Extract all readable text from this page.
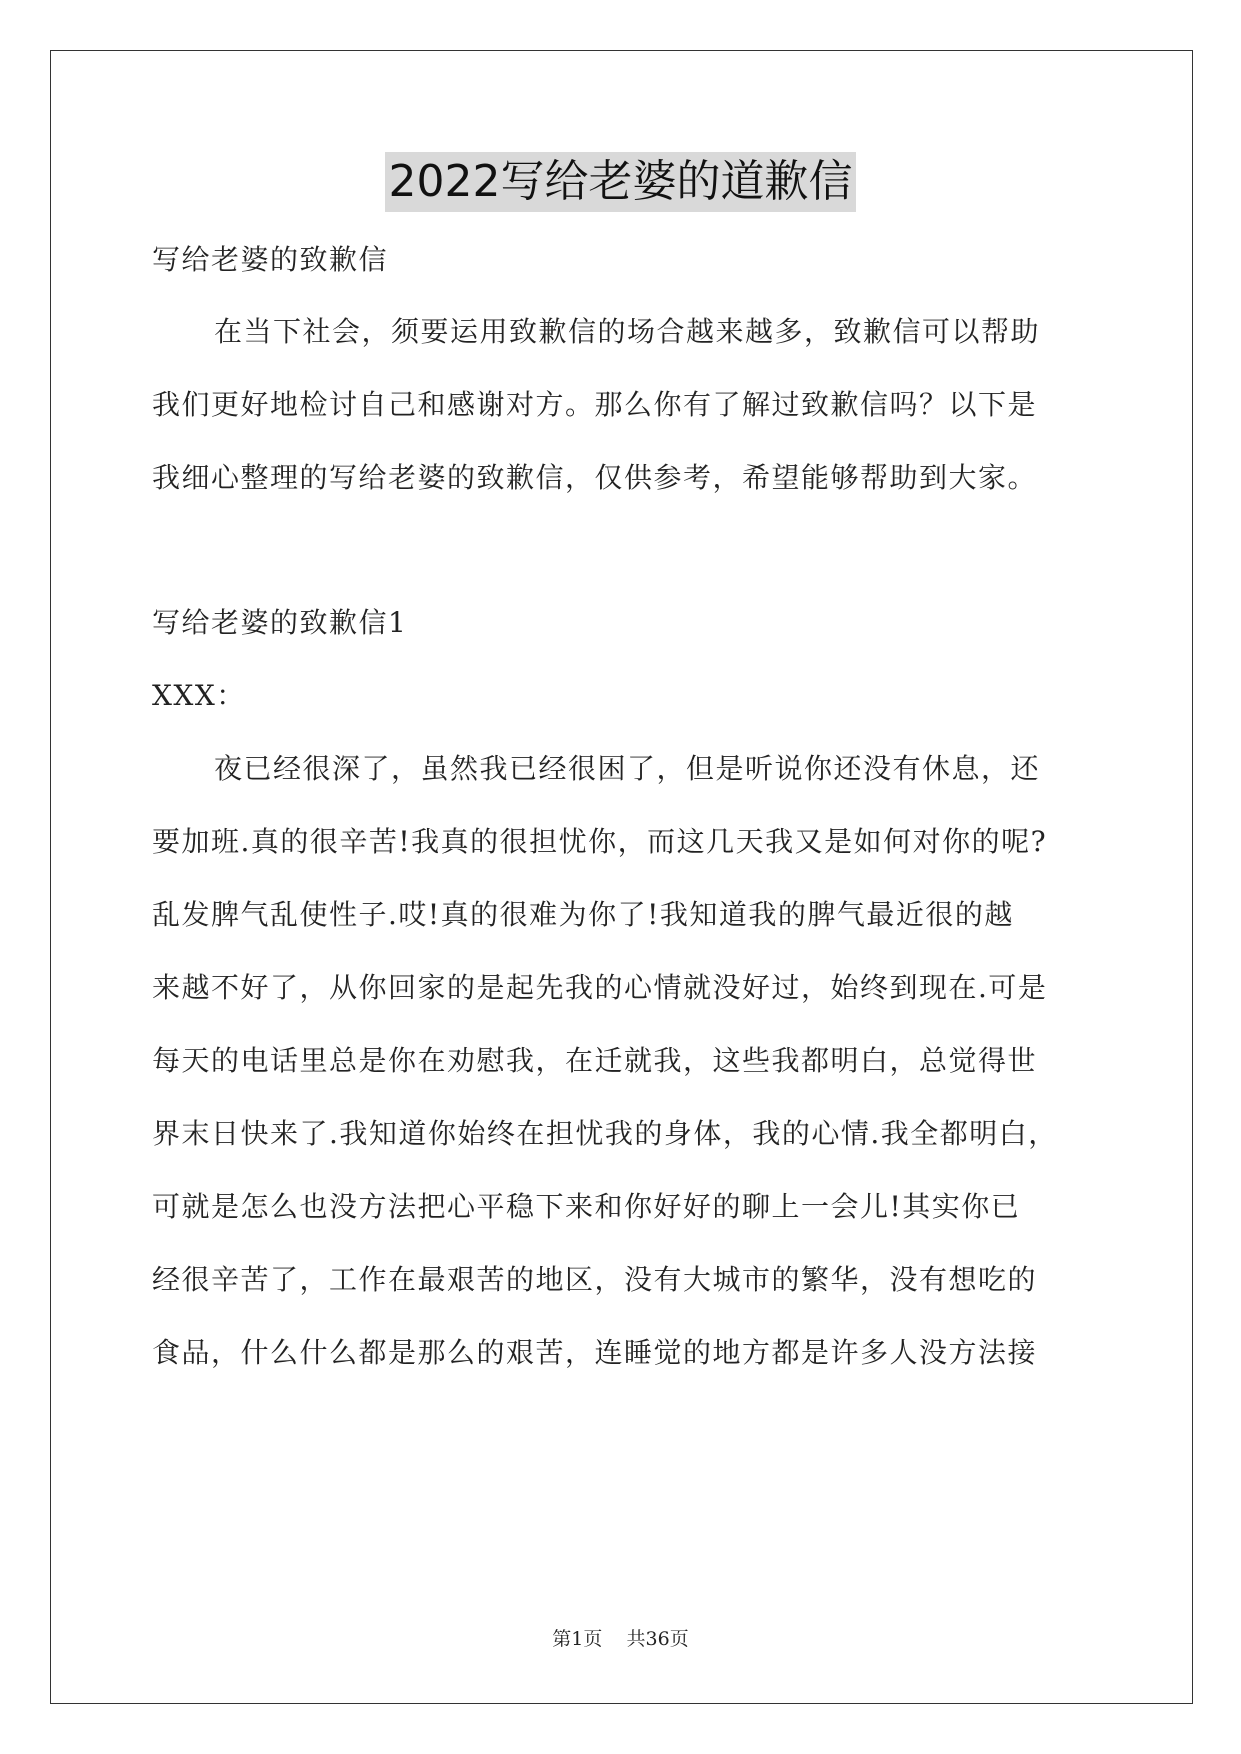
2022写给老婆的道歉信
写给老婆的致歉信
在当下社会，须要运用致歉信的场合越来越多，致歉信可以帮助
我们更好地检讨自己和感谢对方。那么你有了解过致歉信吗？以下是
我细心整理的写给老婆的致歉信，仅供参考，希望能够帮助到大家。
写给老婆的致歉信1
XXX：
夜已经很深了，虽然我已经很困了，但是听说你还没有休息，还
要加班.真的很辛苦!我真的很担忧你，而这几天我又是如何对你的呢?
乱发脾气乱使性子.哎!真的很难为你了!我知道我的脾气最近很的越
来越不好了，从你回家的是起先我的心情就没好过，始终到现在.可是
每天的电话里总是你在劝慰我，在迁就我，这些我都明白，总觉得世
界末日快来了.我知道你始终在担忧我的身体，我的心情.我全都明白，
可就是怎么也没方法把心平稳下来和你好好的聊上一会儿!其实你已
经很辛苦了，工作在最艰苦的地区，没有大城市的繁华，没有想吃的
食品，什么什么都是那么的艰苦，连睡觉的地方都是许多人没方法接
第1页 共36页
